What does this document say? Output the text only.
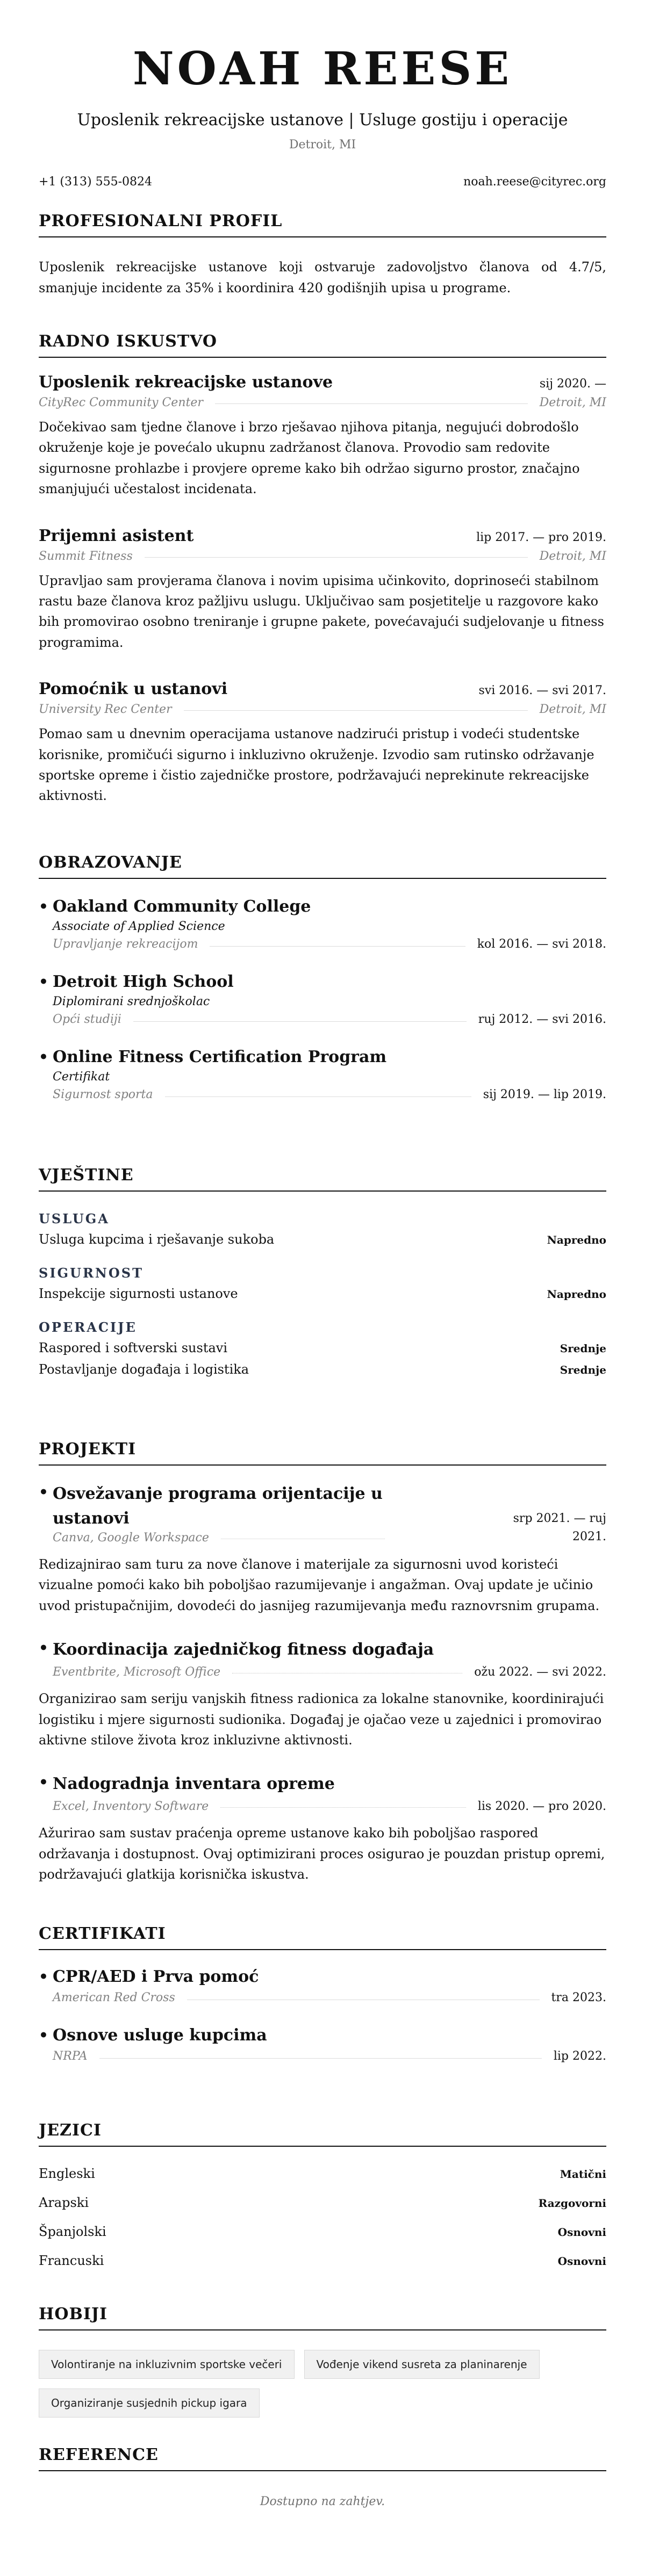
NOAH REESE
Uposlenik rekreacijske ustanove | Usluge gostiju i operacije
Detroit, MI
+1 (313) 555-0824	noah.reese@cityrec.org
PROFESIONALNI PROFIL

Uposlenik rekreacijske ustanove koji ostvaruje zadovoljstvo članova od 4.7/5, smanjuje incidente za 35% i koordinira 420 godišnjih upisa u programe.

RADNO ISKUSTVO
Uposlenik rekreacijske ustanove	sij 2020. —
CityRec Community Center	Detroit, MI
Dočekivao sam tjedne članove i brzo rješavao njihova pitanja, negujući dobrodošlo okruženje koje je povećalo ukupnu zadržanost članova. Provodio sam redovite sigurnosne prohlazbe i provjere opreme kako bih održao sigurno prostor, značajno smanjujući učestalost incidenata.
Prijemni asistent	lip 2017. — pro 2019.
Summit Fitness	Detroit, MI
Upravljao sam provjerama članova i novim upisima učinkovito, doprinoseći stabilnom rastu baze članova kroz pažljivu uslugu. Uključivao sam posjetitelje u razgovore kako bih promovirao osobno treniranje i grupne pakete, povećavajući sudjelovanje u fitness programima.
Pomoćnik u ustanovi	svi 2016. — svi 2017.
University Rec Center	Detroit, MI
Pomao sam u dnevnim operacijama ustanove nadzirući pristup i vodeći studentske korisnike, promičući sigurno i inkluzivno okruženje. Izvodio sam rutinsko održavanje sportske opreme i čistio zajedničke prostore, podržavajući neprekinute rekreacijske aktivnosti.
OBRAZOVANJE
• Oakland Community College
Associate of Applied Science
Upravljanje rekreacijom	kol 2016. — svi 2018.
• Detroit High School
Diplomirani srednjoškolac
Opći studiji	ruj 2012. — svi 2016.
• Online Fitness Certification Program
Certifikat
Sigurnost sporta	sij 2019. — lip 2019.
VJEŠTINE
USLUGA
Usluga kupcima i rješavanje sukoba	Napredno
SIGURNOST
Inspekcije sigurnosti ustanove	Napredno
OPERACIJE
Raspored i softverski sustavi	Srednje
Postavljanje događaja i logistika	Srednje
PROJEKTI
• Osvežavanje programa orijentacije u ustanovi	srp 2021. — ruj
2021.
Canva, Google Workspace
Redizajnirao sam turu za nove članove i materijale za sigurnosni uvod koristeći vizualne pomoći kako bih poboljšao razumijevanje i angažman. Ovaj update je učinio uvod pristupačnijim, dovodeći do jasnijeg razumijevanja među raznovrsnim grupama.
• Koordinacija zajedničkog fitness događaja
Eventbrite, Microsoft Office	ožu 2022. — svi 2022.
Organizirao sam seriju vanjskih fitness radionica za lokalne stanovnike, koordinirajući logistiku i mjere sigurnosti sudionika. Događaj je ojačao veze u zajednici i promovirao aktivne stilove života kroz inkluzivne aktivnosti.
• Nadogradnja inventara opreme
Excel, Inventory Software	lis 2020. — pro 2020.
Ažurirao sam sustav praćenja opreme ustanove kako bih poboljšao raspored održavanja i dostupnost. Ovaj optimizirani proces osigurao je pouzdan pristup opremi, podržavajući glatkija korisnička iskustva.
CERTIFIKATI
• CPR/AED i Prva pomoć
American Red Cross	tra 2023.
• Osnove usluge kupcima
NRPA	lip 2022.
JEZICI
Engleski	Matični
Arapski	Razgovorni
Španjolski	Osnovni
Francuski	Osnovni
HOBIJI
Volontiranje na inkluzivnim sportske večeri	Vođenje vikend susreta za planinarenje
Organiziranje susjednih pickup igara
REFERENCE
Dostupno na zahtjev.
